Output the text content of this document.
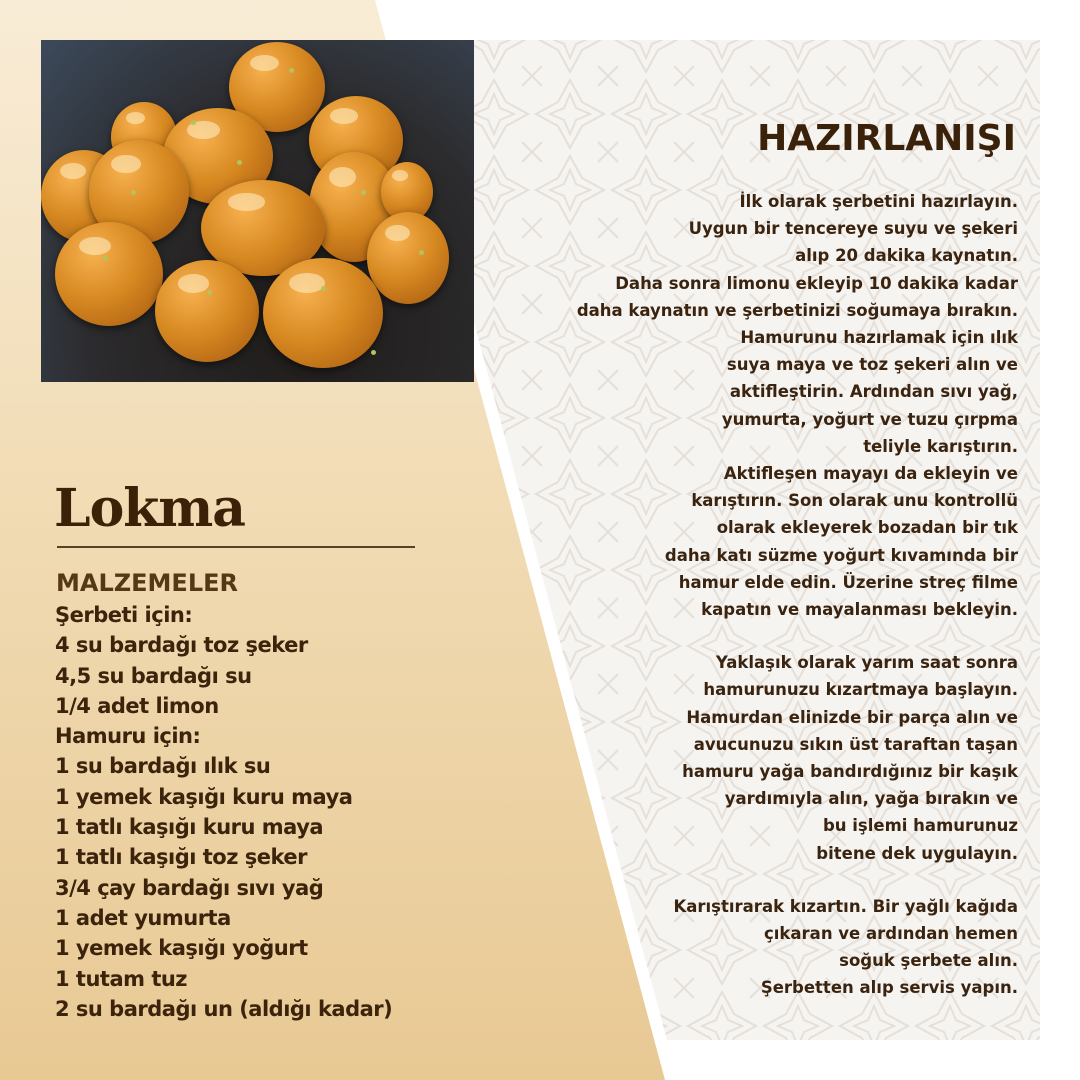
Lokma
MALZEMELER
Şerbeti için:
4 su bardağı toz şeker
4,5 su bardağı su
1/4 adet limon
Hamuru için:
1 su bardağı ılık su
1 yemek kaşığı kuru maya
1 tatlı kaşığı kuru maya
1 tatlı kaşığı toz şeker
3/4 çay bardağı sıvı yağ
1 adet yumurta
1 yemek kaşığı yoğurt
1 tutam tuz
2 su bardağı un (aldığı kadar)
HAZIRLANIŞI

İlk olarak şerbetini hazırlayın.
Uygun bir tencereye suyu ve şekeri
alıp 20 dakika kaynatın.
Daha sonra limonu ekleyip 10 dakika kadar
daha kaynatın ve şerbetinizi soğumaya bırakın.
Hamurunu hazırlamak için ılık
suya maya ve toz şekeri alın ve
aktifleştirin. Ardından sıvı yağ,
yumurta, yoğurt ve tuzu çırpma
teliyle karıştırın.
Aktifleşen mayayı da ekleyin ve
karıştırın. Son olarak unu kontrollü
olarak ekleyerek bozadan bir tık
daha katı süzme yoğurt kıvamında bir
hamur elde edin. Üzerine streç filme
kapatın ve mayalanması bekleyin.

Yaklaşık olarak yarım saat sonra
hamurunuzu kızartmaya başlayın.
Hamurdan elinizde bir parça alın ve
avucunuzu sıkın üst taraftan taşan
hamuru yağa bandırdığınız bir kaşık
yardımıyla alın, yağa bırakın ve
bu işlemi hamurunuz
bitene dek uygulayın.

Karıştırarak kızartın. Bir yağlı kağıda
çıkaran ve ardından hemen
soğuk şerbete alın.
Şerbetten alıp servis yapın.
